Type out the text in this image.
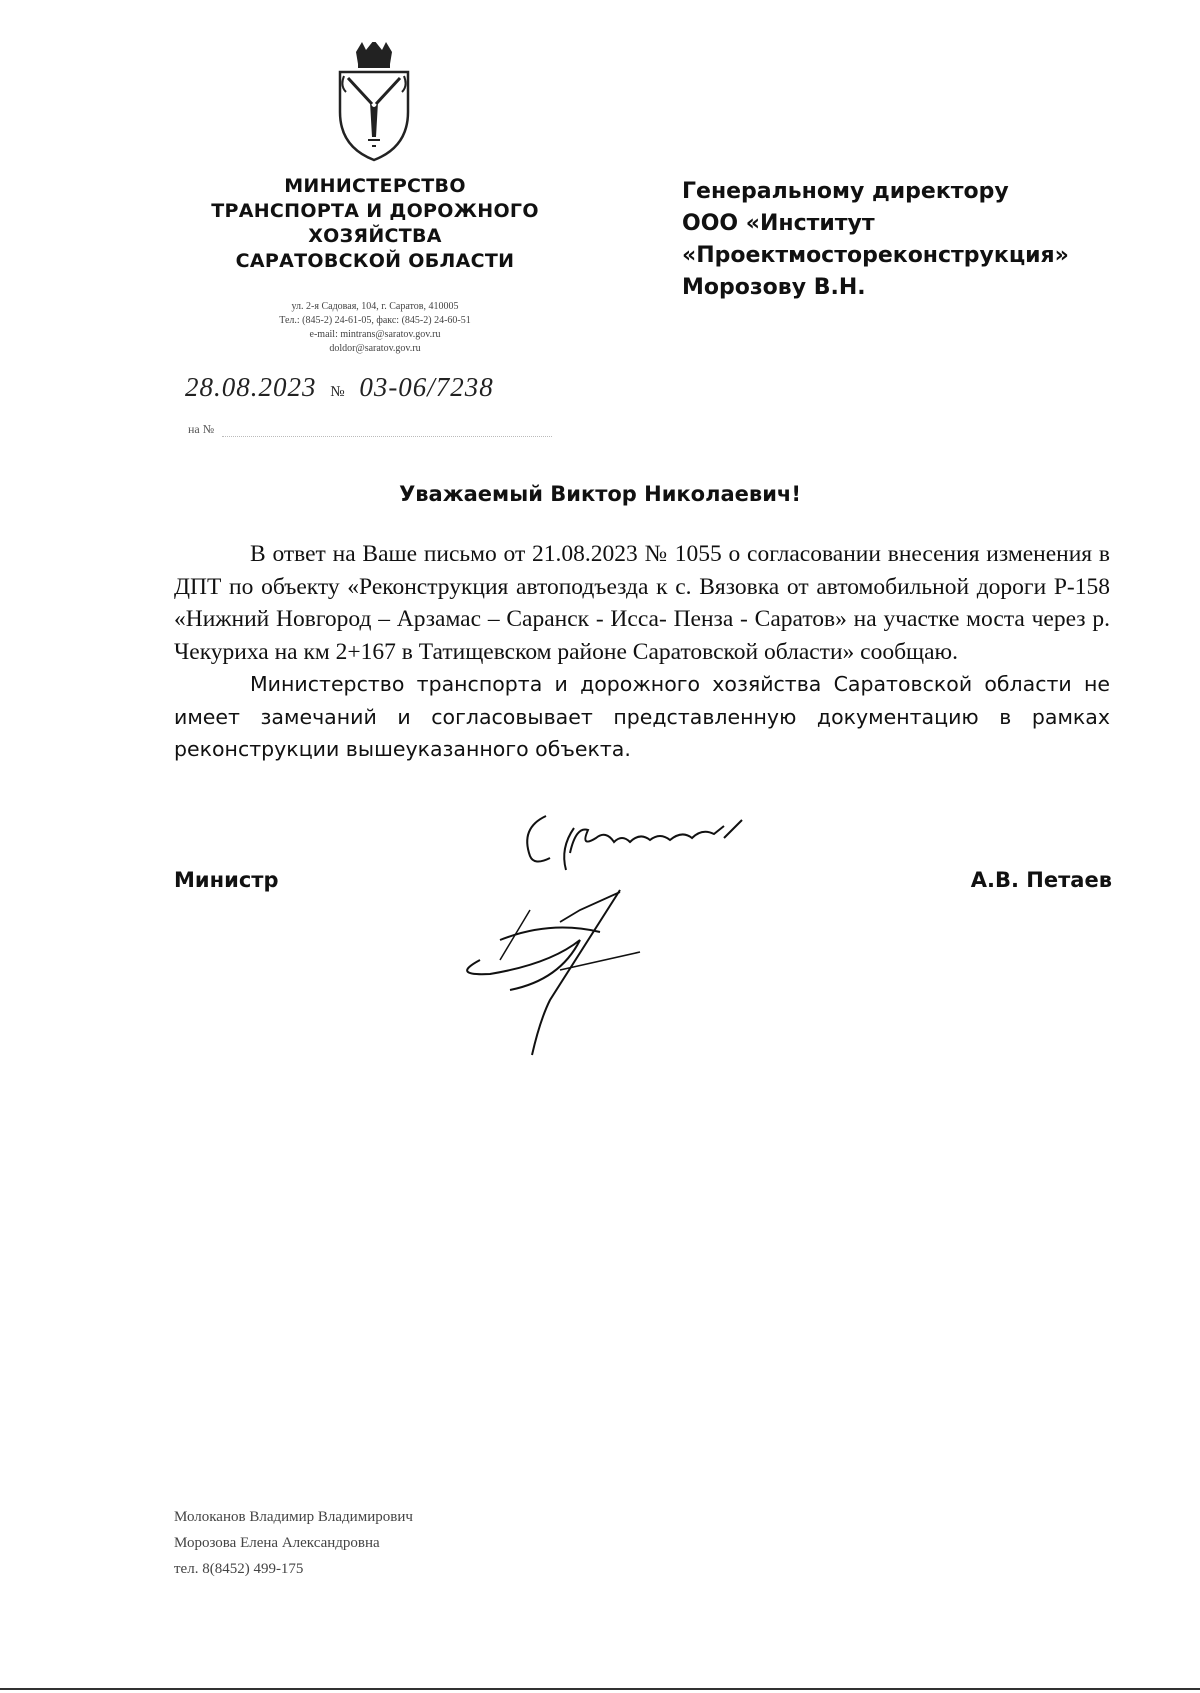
МИНИСТЕРСТВО
ТРАНСПОРТА И ДОРОЖНОГО
ХОЗЯЙСТВА
САРАТОВСКОЙ ОБЛАСТИ
ул. 2-я Садовая, 104, г. Саратов, 410005
Тел.: (845-2) 24-61-05, факс: (845-2) 24-60-51
e-mail: mintrans@saratov.gov.ru
doldor@saratov.gov.ru
28.08.2023 № 03-06/7238
на №
Генеральному директору
ООО «Институт
«Проектмостореконструкция»
Морозову В.Н.
Уважаемый Виктор Николаевич!

В ответ на Ваше письмо от 21.08.2023 № 1055 о согласовании внесения изменения в ДПТ по объекту «Реконструкция автоподъезда к с. Вязовка от автомобильной дороги Р-158 «Нижний Новгород – Арзамас – Саранск - Исса- Пенза - Саратов» на участке моста через р. Чекуриха на км 2+167 в Татищевском районе Саратовской области» сообщаю.

Министерство транспорта и дорожного хозяйства Саратовской области не имеет замечаний и согласовывает представленную документацию в рамках реконструкции вышеуказанного объекта.

Министр	А.В. Петаев
Молоканов Владимир Владимирович
Морозова Елена Александровна
тел. 8(8452) 499-175
